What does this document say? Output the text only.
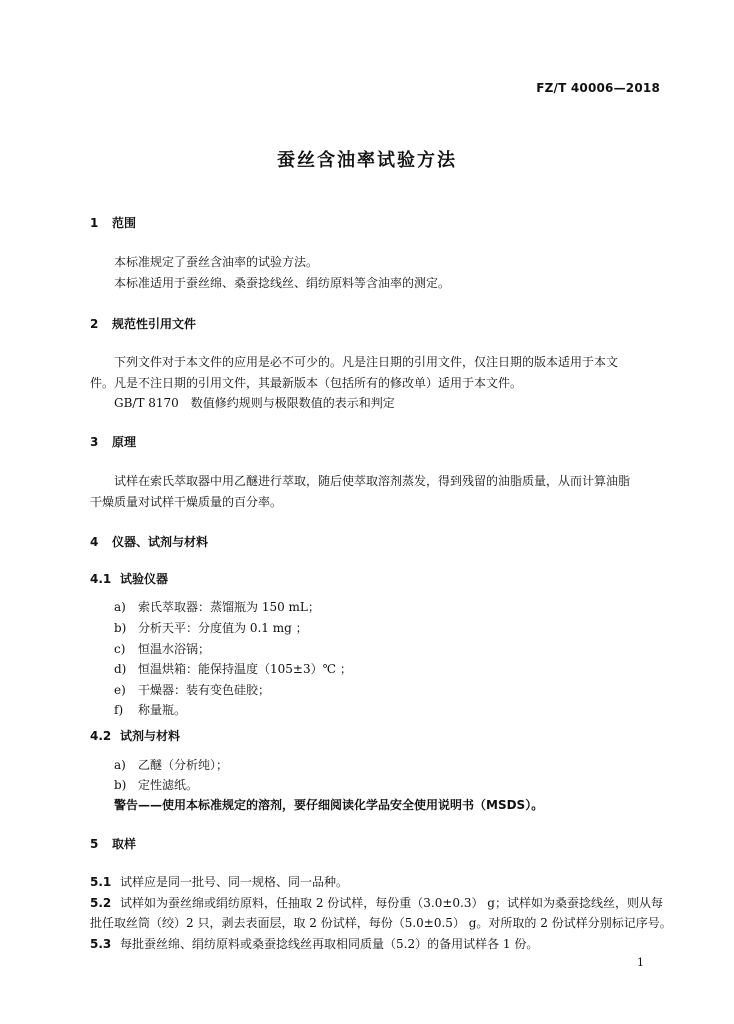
FZ/T 40006—2018
蚕丝含油率试验方法
1 范围
本标准规定了蚕丝含油率的试验方法。
本标准适用于蚕丝绵、桑蚕捻线丝、绢纺原料等含油率的测定。
2 规范性引用文件
下列文件对于本文件的应用是必不可少的。凡是注日期的引用文件，仅注日期的版本适用于本文
件。凡是不注日期的引用文件，其最新版本（包括所有的修改单）适用于本文件。
GB/T 8170　数值修约规则与极限数值的表示和判定
3 原理
试样在索氏萃取器中用乙醚进行萃取，随后使萃取溶剂蒸发，得到残留的油脂质量，从而计算油脂
干燥质量对试样干燥质量的百分率。
4 仪器、试剂与材料
4.1 试验仪器
a) 索氏萃取器：蒸馏瓶为 150 mL；
b) 分析天平：分度值为 0.1 mg ；
c) 恒温水浴锅；
d) 恒温烘箱：能保持温度（105±3）℃ ；
e) 干燥器：装有变色硅胶；
f) 称量瓶。
4.2 试剂与材料
a) 乙醚（分析纯）；
b) 定性滤纸。
警告——使用本标准规定的溶剂，要仔细阅读化学品安全使用说明书（MSDS）。
5 取样
5.1 试样应是同一批号、同一规格、同一品种。
5.2 试样如为蚕丝绵或绢纺原料，任抽取 2 份试样，每份重（3.0±0.3） g；试样如为桑蚕捻线丝，则从每
批任取丝筒（绞）2 只，剥去表面层，取 2 份试样，每份（5.0±0.5） g。对所取的 2 份试样分别标记序号。
5.3 每批蚕丝绵、绢纺原料或桑蚕捻线丝再取相同质量（5.2）的备用试样各 1 份。
1
